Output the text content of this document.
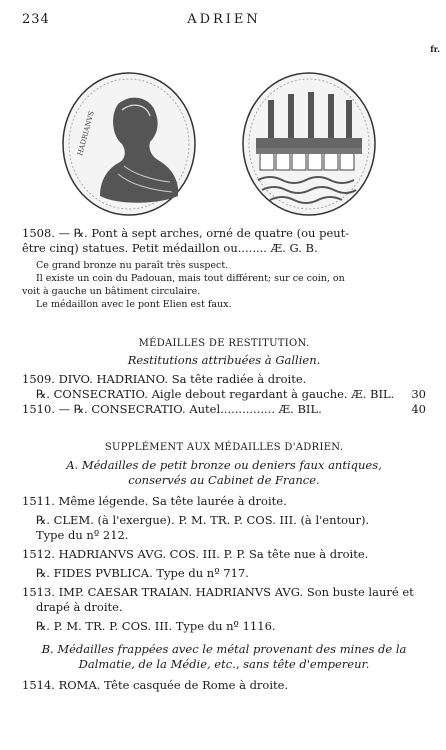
234	ADRIEN
fr.
HADRIANVS

1508. — ℞. Pont à sept arches, orné de quatre (ou peut-

être cinq) statues. Petit médaillon ou........ Æ. G. B.

Ce grand bronze nu paraît très suspect.

Il existe un coin du Padouan, mais tout différent; sur ce coin, on

voit à gauche un bâtiment circulaire.

Le médaillon avec le pont Elien est faux.

MÉDAILLES DE RESTITUTION.

Restitutions attribuées à Gallien.

1509. DIVO. HADRIANO. Sa tête radiée à droite.

℞. CONSECRATIO. Aigle debout regardant à gauche. Æ. BIL.	30
1510. — ℞. CONSECRATIO. Autel............... Æ. BIL.	40

SUPPLÉMENT AUX MÉDAILLES D'ADRIEN.

A. Médailles de petit bronze ou deniers faux antiques,

conservés au Cabinet de France.

1511. Même légende. Sa tête laurée à droite.

℞. CLEM. (à l'exergue). P. M. TR. P. COS. III. (à l'entour).

Type du nº 212.

1512. HADRIANVS AVG. COS. III. P. P. Sa tête nue à droite.

℞. FIDES PVBLICA. Type du nº 717.

1513. IMP. CAESAR TRAIAN. HADRIANVS AVG. Son buste lauré et

drapé à droite.

℞. P. M. TR. P. COS. III. Type du nº 1116.

B. Médailles frappées avec le métal provenant des mines de la

Dalmatie, de la Médie, etc., sans tête d'empereur.

1514. ROMA. Tête casquée de Rome à droite.
